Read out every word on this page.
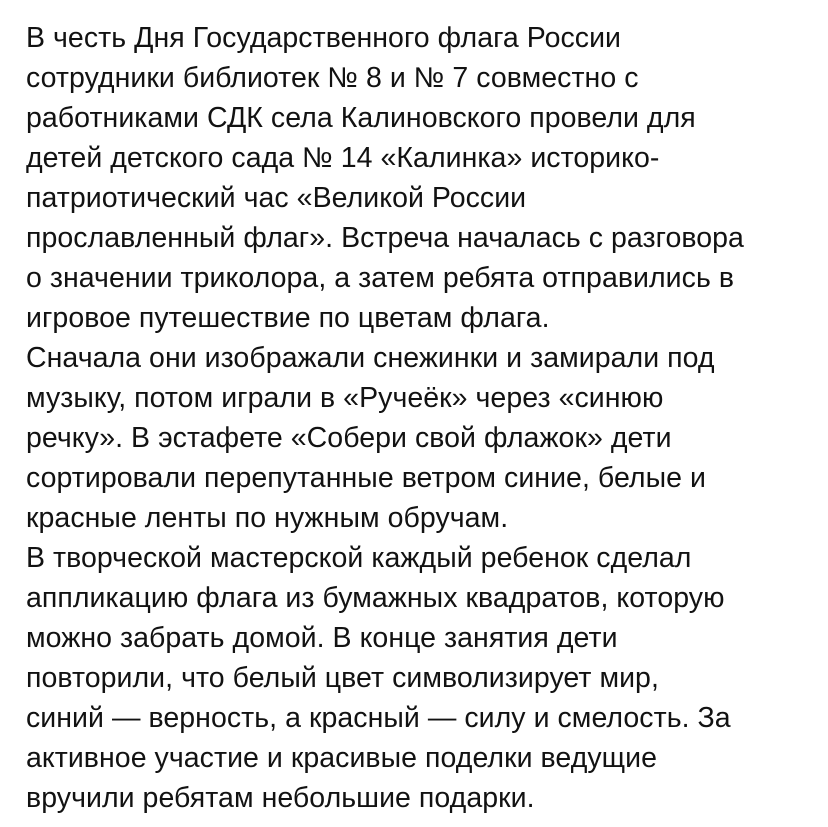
В честь Дня Государственного флага России
сотрудники библиотек № 8 и № 7 совместно с
работниками СДК села Калиновского провели для
детей детского сада № 14 «Калинка» историко-
патриотический час «Великой России
прославленный флаг». Встреча началась с разговора
о значении триколора, а затем ребята отправились в
игровое путешествие по цветам флага.

Сначала они изображали снежинки и замирали под
музыку, потом играли в «Ручеёк» через «синюю
речку». В эстафете «Собери свой флажок» дети
сортировали перепутанные ветром синие, белые и
красные ленты по нужным обручам.

В творческой мастерской каждый ребенок сделал
аппликацию флага из бумажных квадратов, которую
можно забрать домой. В конце занятия дети
повторили, что белый цвет символизирует мир,
синий — верность, а красный — силу и смелость. За
активное участие и красивые поделки ведущие
вручили ребятам небольшие подарки.
